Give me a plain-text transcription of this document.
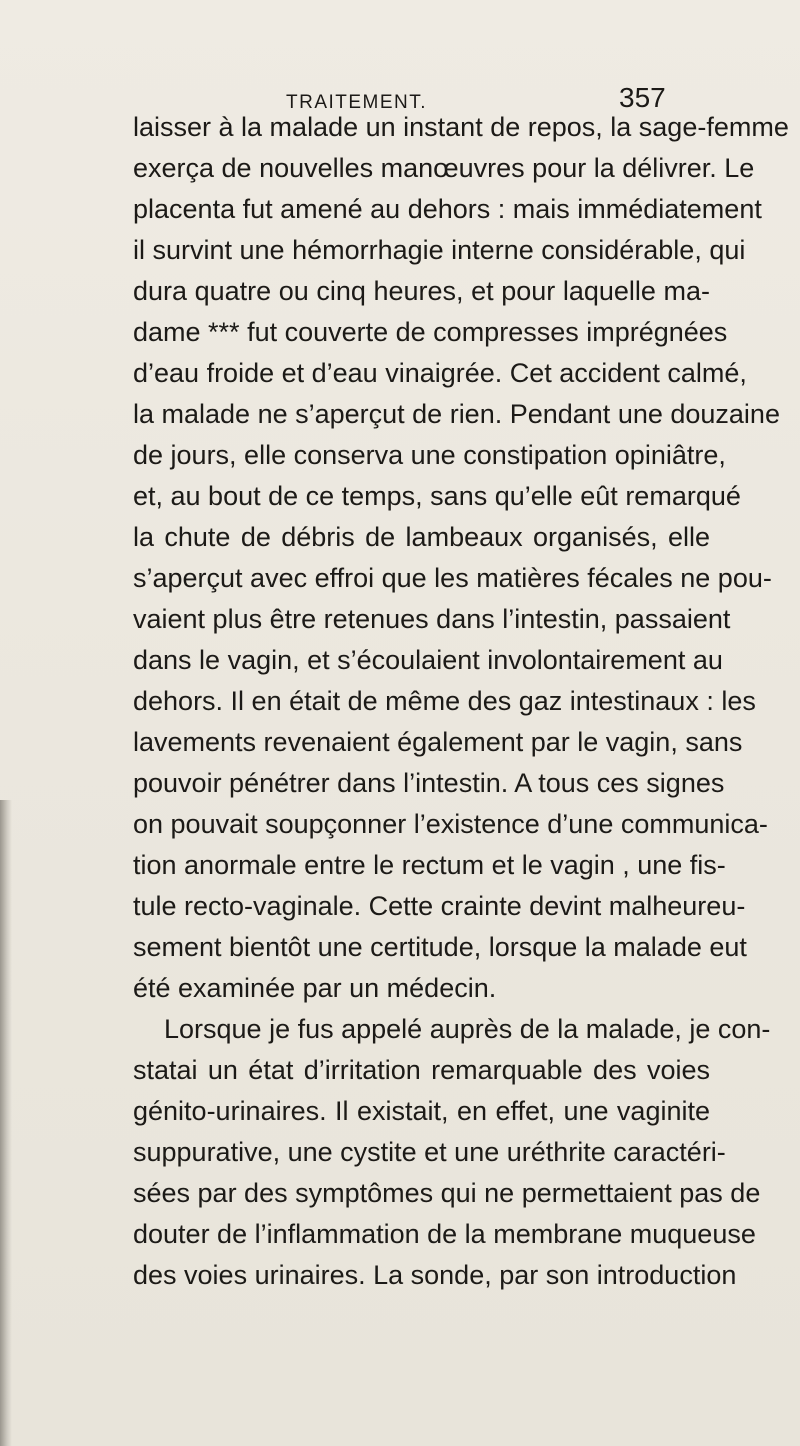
TRAITEMENT.	357
laisser à la malade un instant de repos, la sage-femme
exerça de nouvelles manœuvres pour la délivrer. Le
placenta fut amené au dehors : mais immédiatement
il survint une hémorrhagie interne considérable, qui
dura quatre ou cinq heures, et pour laquelle ma-
dame *** fut couverte de compresses imprégnées
d’eau froide et d’eau vinaigrée. Cet accident calmé,
la malade ne s’aperçut de rien. Pendant une douzaine
de jours, elle conserva une constipation opiniâtre,
et, au bout de ce temps, sans qu’elle eût remarqué
la chute de débris de lambeaux organisés, elle
s’aperçut avec effroi que les matières fécales ne pou-
vaient plus être retenues dans l’intestin, passaient
dans le vagin, et s’écoulaient involontairement au
dehors. Il en était de même des gaz intestinaux : les
lavements revenaient également par le vagin, sans
pouvoir pénétrer dans l’intestin. A tous ces signes
on pouvait soupçonner l’existence d’une communica-
tion anormale entre le rectum et le vagin , une fis-
tule recto-vaginale. Cette crainte devint malheureu-
sement bientôt une certitude, lorsque la malade eut
été examinée par un médecin.
Lorsque je fus appelé auprès de la malade, je con-
statai un état d’irritation remarquable des voies
génito-urinaires. Il existait, en effet, une vaginite
suppurative, une cystite et une uréthrite caractéri-
sées par des symptômes qui ne permettaient pas de
douter de l’inflammation de la membrane muqueuse
des voies urinaires. La sonde, par son introduction
